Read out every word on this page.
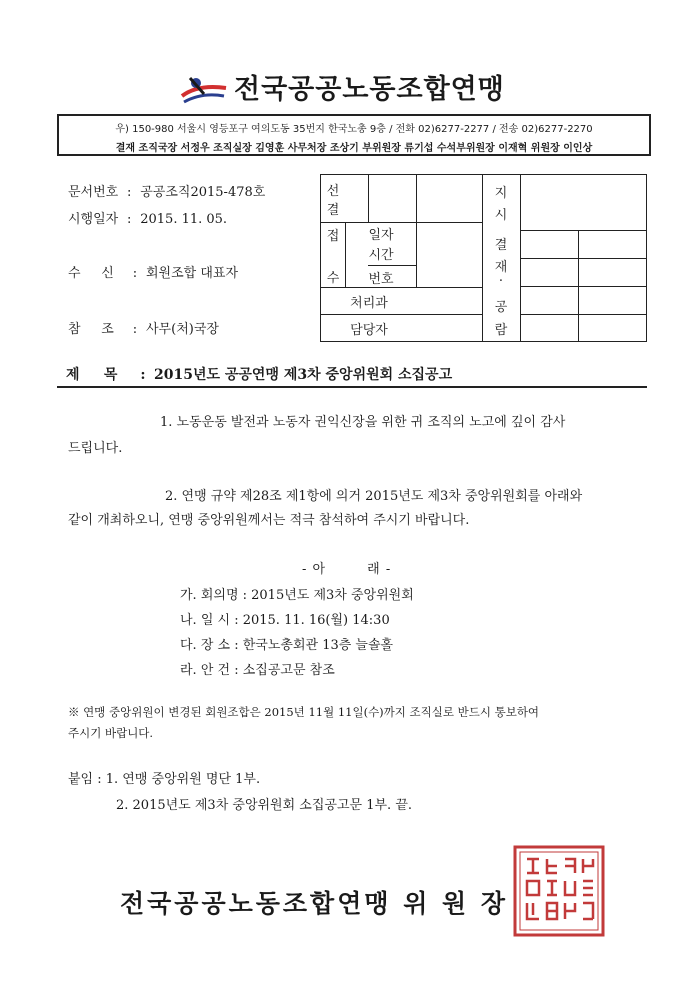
전국공공노동조합연맹
우) 150-980 서울시 영등포구 여의도동 35번지 한국노총 9층 / 전화 02)6277-2277 / 전송 02)6277-2270
결재 조직국장 서정우 조직실장 김영훈 사무처장 조상기 부위원장 류기섭 수석부위원장 이재혁 위원장 이인상
문서번호 : 공공조직2015-478호
시행일자 : 2015. 11. 05.
수     신 : 회원조합 대표자
참     조 : 사무(처)국장
선
결
접
수
일자
시간
번호
처리과
담당자
지
시
결
재
·
공
람
제     목 : 2015년도 공공연맹 제3차 중앙위원회 소집공고
1. 노동운동 발전과 노동자 권익신장을 위한 귀 조직의 노고에 깊이 감사
드립니다.
2. 연맹 규약 제28조 제1항에 의거 2015년도 제3차 중앙위원회를 아래와
같이 개최하오니, 연맹 중앙위원께서는 적극 참석하여 주시기 바랍니다.
- 아        래 -
가. 회의명 : 2015년도 제3차 중앙위원회
나. 일 시 : 2015. 11. 16(월) 14:30
다. 장 소 : 한국노총회관 13층 늘솔홀
라. 안 건 : 소집공고문 참조
※ 연맹 중앙위원이 변경된 회원조합은 2015년 11월 11일(수)까지 조직실로 반드시 통보하여
주시기 바랍니다.
붙임 : 1. 연맹 중앙위원 명단 1부.
2. 2015년도 제3차 중앙위원회 소집공고문 1부. 끝.
전국공공노동조합연맹 위 원 장
